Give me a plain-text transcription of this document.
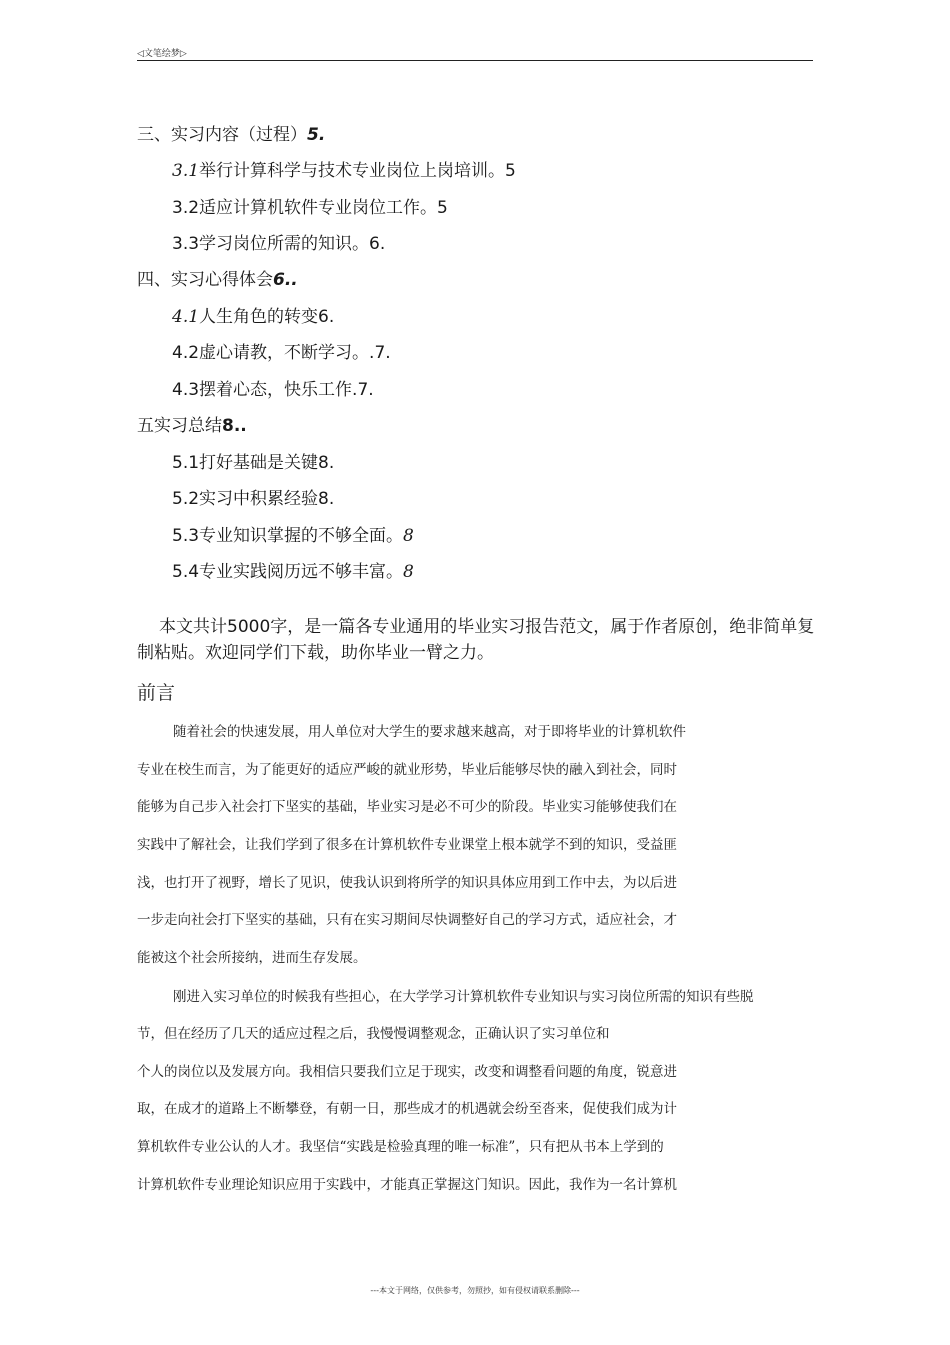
◁文笔绘梦▷
三、实习内容（过程）5.
3.1举行计算科学与技术专业岗位上岗培训。5
3.2适应计算机软件专业岗位工作。5
3.3学习岗位所需的知识。6.
四、实习心得体会6..
4.1人生角色的转变6.
4.2虚心请教，不断学习。.7.
4.3摆着心态，快乐工作.7.
五实习总结8..
5.1打好基础是关键8.
5.2实习中积累经验8.
5.3专业知识掌握的不够全面。8
5.4专业实践阅历远不够丰富。8
本文共计5000字，是一篇各专业通用的毕业实习报告范文，属于作者原创，绝非简单复制粘贴。欢迎同学们下载，助你毕业一臂之力。
前言
随着社会的快速发展，用人单位对大学生的要求越来越高，对于即将毕业的计算机软件
专业在校生而言，为了能更好的适应严峻的就业形势，毕业后能够尽快的融入到社会，同时
能够为自己步入社会打下坚实的基础，毕业实习是必不可少的阶段。毕业实习能够使我们在
实践中了解社会，让我们学到了很多在计算机软件专业课堂上根本就学不到的知识，受益匪
浅，也打开了视野，增长了见识，使我认识到将所学的知识具体应用到工作中去，为以后进
一步走向社会打下坚实的基础，只有在实习期间尽快调整好自己的学习方式，适应社会，才
能被这个社会所接纳，进而生存发展。
刚进入实习单位的时候我有些担心，在大学学习计算机软件专业知识与实习岗位所需的知识有些脱
节，但在经历了几天的适应过程之后，我慢慢调整观念，正确认识了实习单位和
个人的岗位以及发展方向。我相信只要我们立足于现实，改变和调整看问题的角度，锐意进
取，在成才的道路上不断攀登，有朝一日，那些成才的机遇就会纷至沓来，促使我们成为计
算机软件专业公认的人才。我坚信“实践是检验真理的唯一标准”，只有把从书本上学到的
计算机软件专业理论知识应用于实践中，才能真正掌握这门知识。因此，我作为一名计算机
---本文于网络，仅供参考，勿照抄，如有侵权请联系删除---
